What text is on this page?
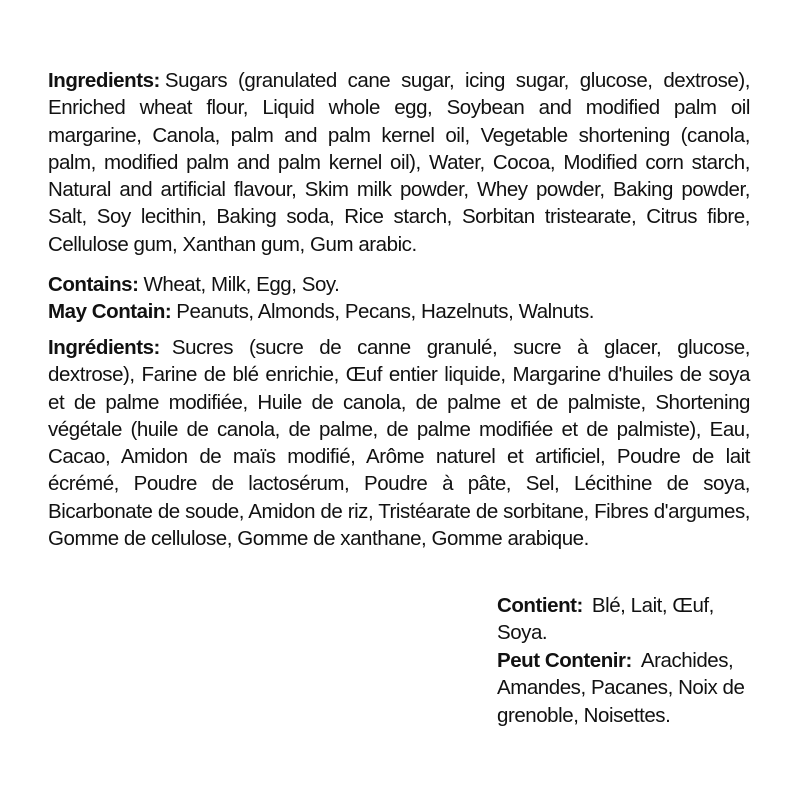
Ingredients: Sugars (granulated cane sugar, icing sugar, glucose, dextrose), Enriched wheat flour, Liquid whole egg, Soybean and modified palm oil margarine, Canola, palm and palm kernel oil, Vegetable shortening (canola, palm, modified palm and palm kernel oil), Water, Cocoa, Modified corn starch, Natural and artificial flavour, Skim milk powder, Whey powder, Baking powder, Salt, Soy lecithin, Baking soda, Rice starch, Sorbitan tristearate, Citrus fibre, Cellulose gum, Xanthan gum, Gum arabic.

Contains: Wheat, Milk, Egg, Soy.

May Contain: Peanuts, Almonds, Pecans, Hazelnuts, Walnuts.

Ingrédients: Sucres (sucre de canne granulé, sucre à glacer, glucose, dextrose), Farine de blé enrichie, Œuf entier liquide, Margarine d'huiles de soya et de palme modifiée, Huile de canola, de palme et de palmiste, Shortening végétale (huile de canola, de palme, de palme modifiée et de palmiste), Eau, Cacao, Amidon de maïs modifié, Arôme naturel et artificiel, Poudre de lait écrémé, Poudre de lactosérum, Poudre à pâte, Sel, Lécithine de soya, Bicarbonate de soude, Amidon de riz, Tristéarate de sorbitane, Fibres d'argumes, Gomme de cellulose, Gomme de xanthane, Gomme arabique.

Contient: Blé, Lait, Œuf, Soya.

Peut Contenir: Arachides, Amandes, Pacanes, Noix de grenoble, Noisettes.
